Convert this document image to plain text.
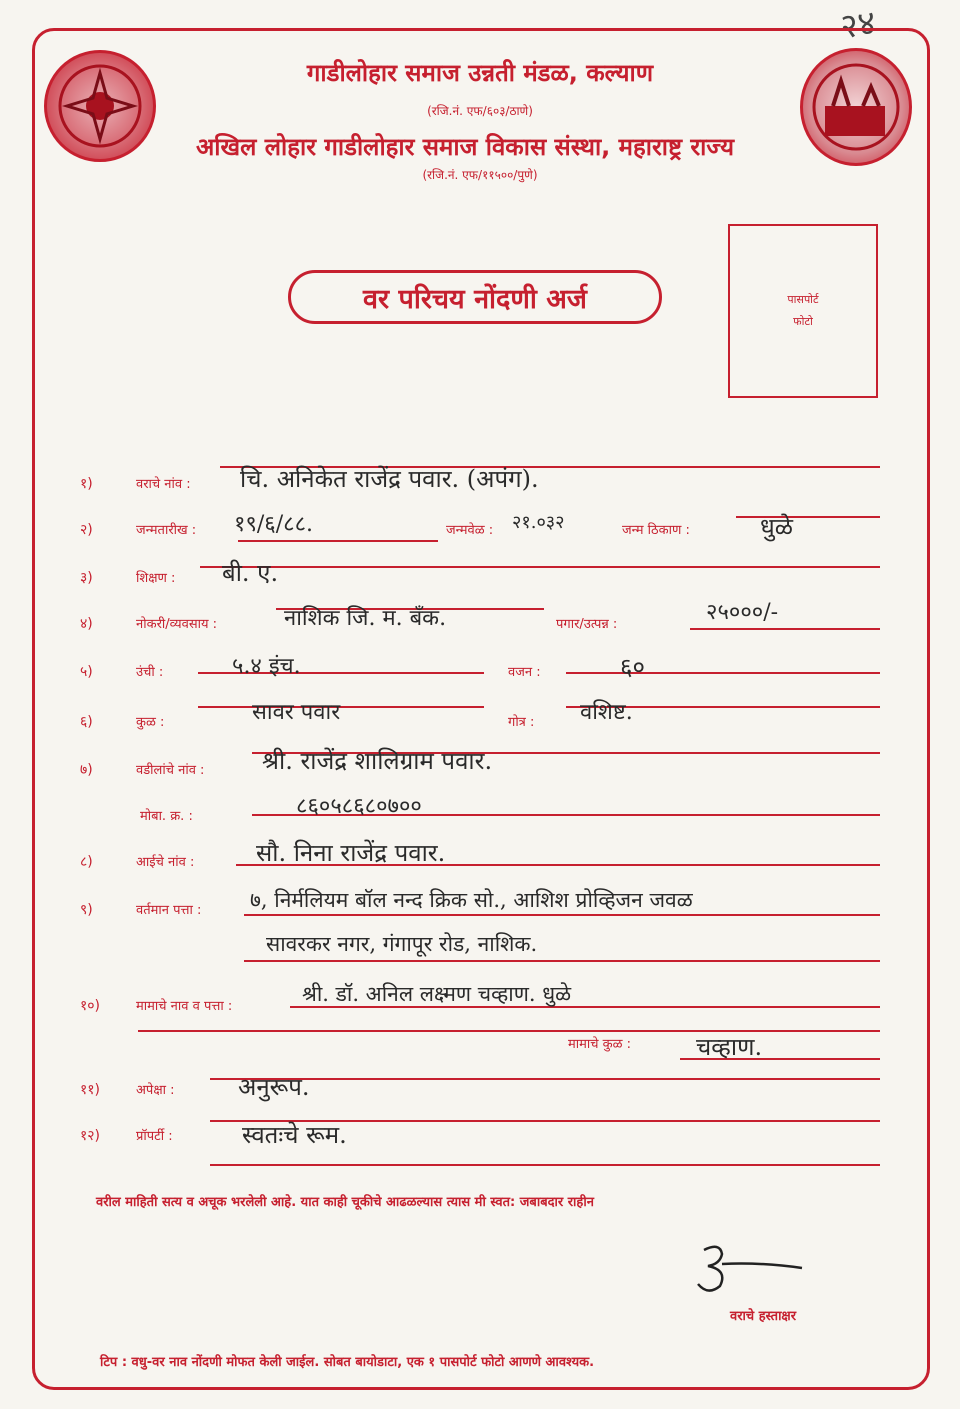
२४
गाडीलोहार समाज उन्नती मंडळ, कल्याण
(रजि.नं. एफ/६०३/ठाणे)
अखिल लोहार गाडीलोहार समाज विकास संस्था, महाराष्ट्र राज्य
(रजि.नं. एफ/११५००/पुणे)
वर परिचय नोंदणी अर्ज	पासपोर्ट
फोटो
१)	वराचे नांव : चि. अनिकेत राजेंद्र पवार. (अपंग).
२)	जन्मतारीख : १९/६/८८.	जन्मवेळ : २१.०३२	जन्म ठिकाण :	धुळे
३)	शिक्षण : बी. ए.
४)	नोकरी/व्यवसाय :	नाशिक जि. म. बँक.	पगार/उत्पन्न :	२५०००/-
५)	उंची :	५.४ इंच.	वजन :	६०
६)	कुळ :	सावर पवार	गोत्र : वशिष्ट.
७)	वडीलांचे नांव : श्री. राजेंद्र शालिग्राम पवार.
मोबा. क्र. :	८६०५८६८०७००
८)	आईचे नांव :	सौ. निना राजेंद्र पवार.
९)	वर्तमान पत्ता : ७, निर्मलियम बॉल नन्द क्रिक सो., आशिश प्रोव्हिजन जवळ
सावरकर नगर, गंगापूर रोड, नाशिक.
१०)	मामाचे नाव व पत्ता :
श्री. डॉ. अनिल लक्ष्मण चव्हाण. धुळे
मामाचे कुळ :	चव्हाण.
११)	अपेक्षा :	अनुरूप.
१२)	प्रॉपर्टी :	स्वतःचे रूम.
वरील माहिती सत्य व अचूक भरलेली आहे. यात काही चूकीचे आढळल्यास त्यास मी स्वत: जबाबदार राहीन
वराचे हस्ताक्षर
टिप : वधु-वर नाव नोंदणी मोफत केली जाईल. सोबत बायोडाटा, एक १ पासपोर्ट फोटो आणणे आवश्यक.
